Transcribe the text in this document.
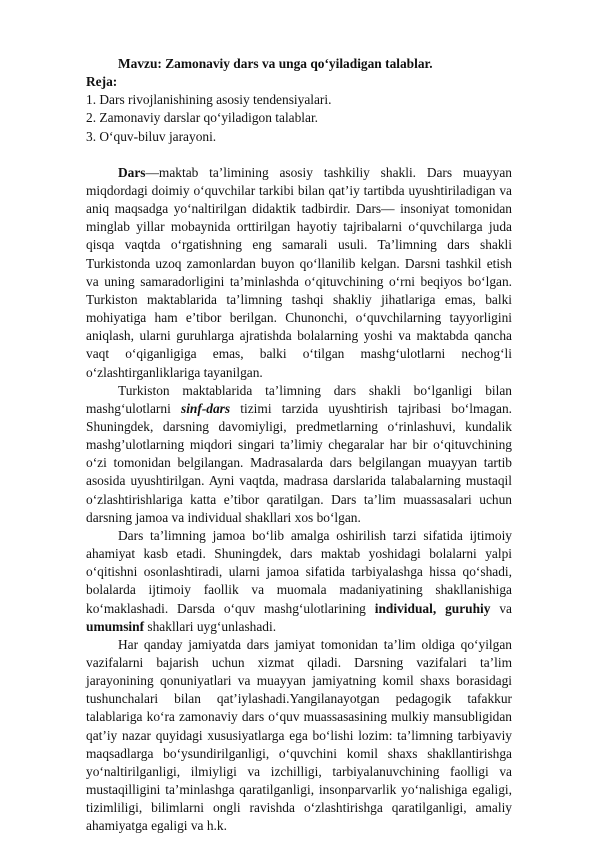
Mavzu: Zamonaviy dars va unga qo‘yiladigan talablar.

Reja:

1. Dars rivojlanishining asosiy tendensiyalari.
2. Zamonaviy darslar qo‘yiladigon talablar.
3. O‘quv-biluv jarayoni.

Dars—maktab ta’limining asosiy tashkiliy shakli. Dars muayyan miqdordagi doimiy o‘quvchilar tarkibi bilan qat’iy tartibda uyushtiriladigan va aniq maqsadga yo‘naltirilgan didaktik tadbirdir. Dars— insoniyat tomonidan minglab yillar mobaynida orttirilgan hayotiy tajribalarni o‘quvchilarga juda qisqa vaqtda o‘rgatishning eng samarali usuli. Ta’limning dars shakli Turkistonda uzoq zamonlardan buyon qo‘llanilib kelgan. Darsni tashkil etish va uning samaradorligini ta’minlashda o‘qituvchining o‘rni beqiyos bo‘lgan. Turkiston maktablarida ta’limning tashqi shakliy jihatlariga emas, balki mohiyatiga ham e’tibor berilgan. Chunonchi, o‘quvchilarning tayyorligini aniqlash, ularni guruhlarga ajratishda bolalarning yoshi va maktabda qancha vaqt o‘qiganligiga emas, balki o‘tilgan mashg‘ulotlarni nechog‘li o‘zlashtirganliklariga tayanilgan.

Turkiston maktablarida ta’limning dars shakli bo‘lganligi bilan mashg‘ulotlarni sinf-dars tizimi tarzida uyushtirish tajribasi bo‘lmagan. Shuningdek, darsning davomiyligi, predmetlarning o‘rinlashuvi, kundalik mashg’ulotlarning miqdori singari ta’limiy chegaralar har bir o‘qituvchining o‘zi tomonidan belgilangan. Madrasalarda dars belgilangan muayyan tartib asosida uyushtirilgan. Ayni vaqtda, madrasa darslarida talabalarning mustaqil o‘zlashtirishlariga katta e’tibor qaratilgan. Dars ta’lim muassasalari uchun darsning jamoa va individual shakllari xos bo‘lgan.

Dars ta’limning jamoa bo‘lib amalga oshirilish tarzi sifatida ijtimoiy ahamiyat kasb etadi. Shuningdek, dars maktab yoshidagi bolalarni yalpi o‘qitishni osonlashtiradi, ularni jamoa sifatida tarbiyalashga hissa qo‘shadi, bolalarda ijtimoiy faollik va muomala madaniyatining shakllanishiga ko‘maklashadi. Darsda o‘quv mashg‘ulotlarining individual, guruhiy va umumsinf shakllari uyg‘unlashadi.

Har qanday jamiyatda dars jamiyat tomonidan ta’lim oldiga qo‘yilgan vazifalarni bajarish uchun xizmat qiladi. Darsning vazifalari ta’lim jarayonining qonuniyatlari va muayyan jamiyatning komil shaxs borasidagi tushunchalari bilan qat’iylashadi.Yangilanayotgan pedagogik tafakkur talablariga ko‘ra zamonaviy dars o‘quv muassasasining mulkiy mansubligidan qat’iy nazar quyidagi xususiyatlarga ega bo‘lishi lozim: ta’limning tarbiyaviy maqsadlarga bo‘ysundirilganligi, o‘quvchini komil shaxs shakllantirishga yo‘naltirilganligi, ilmiyligi va izchilligi, tarbiyalanuvchining faolligi va mustaqilligini ta’minlashga qaratilganligi, insonparvarlik yo‘nalishiga egaligi, tizimliligi, bilimlarni ongli ravishda o‘zlashtirishga qaratilganligi, amaliy ahamiyatga egaligi va h.k.
